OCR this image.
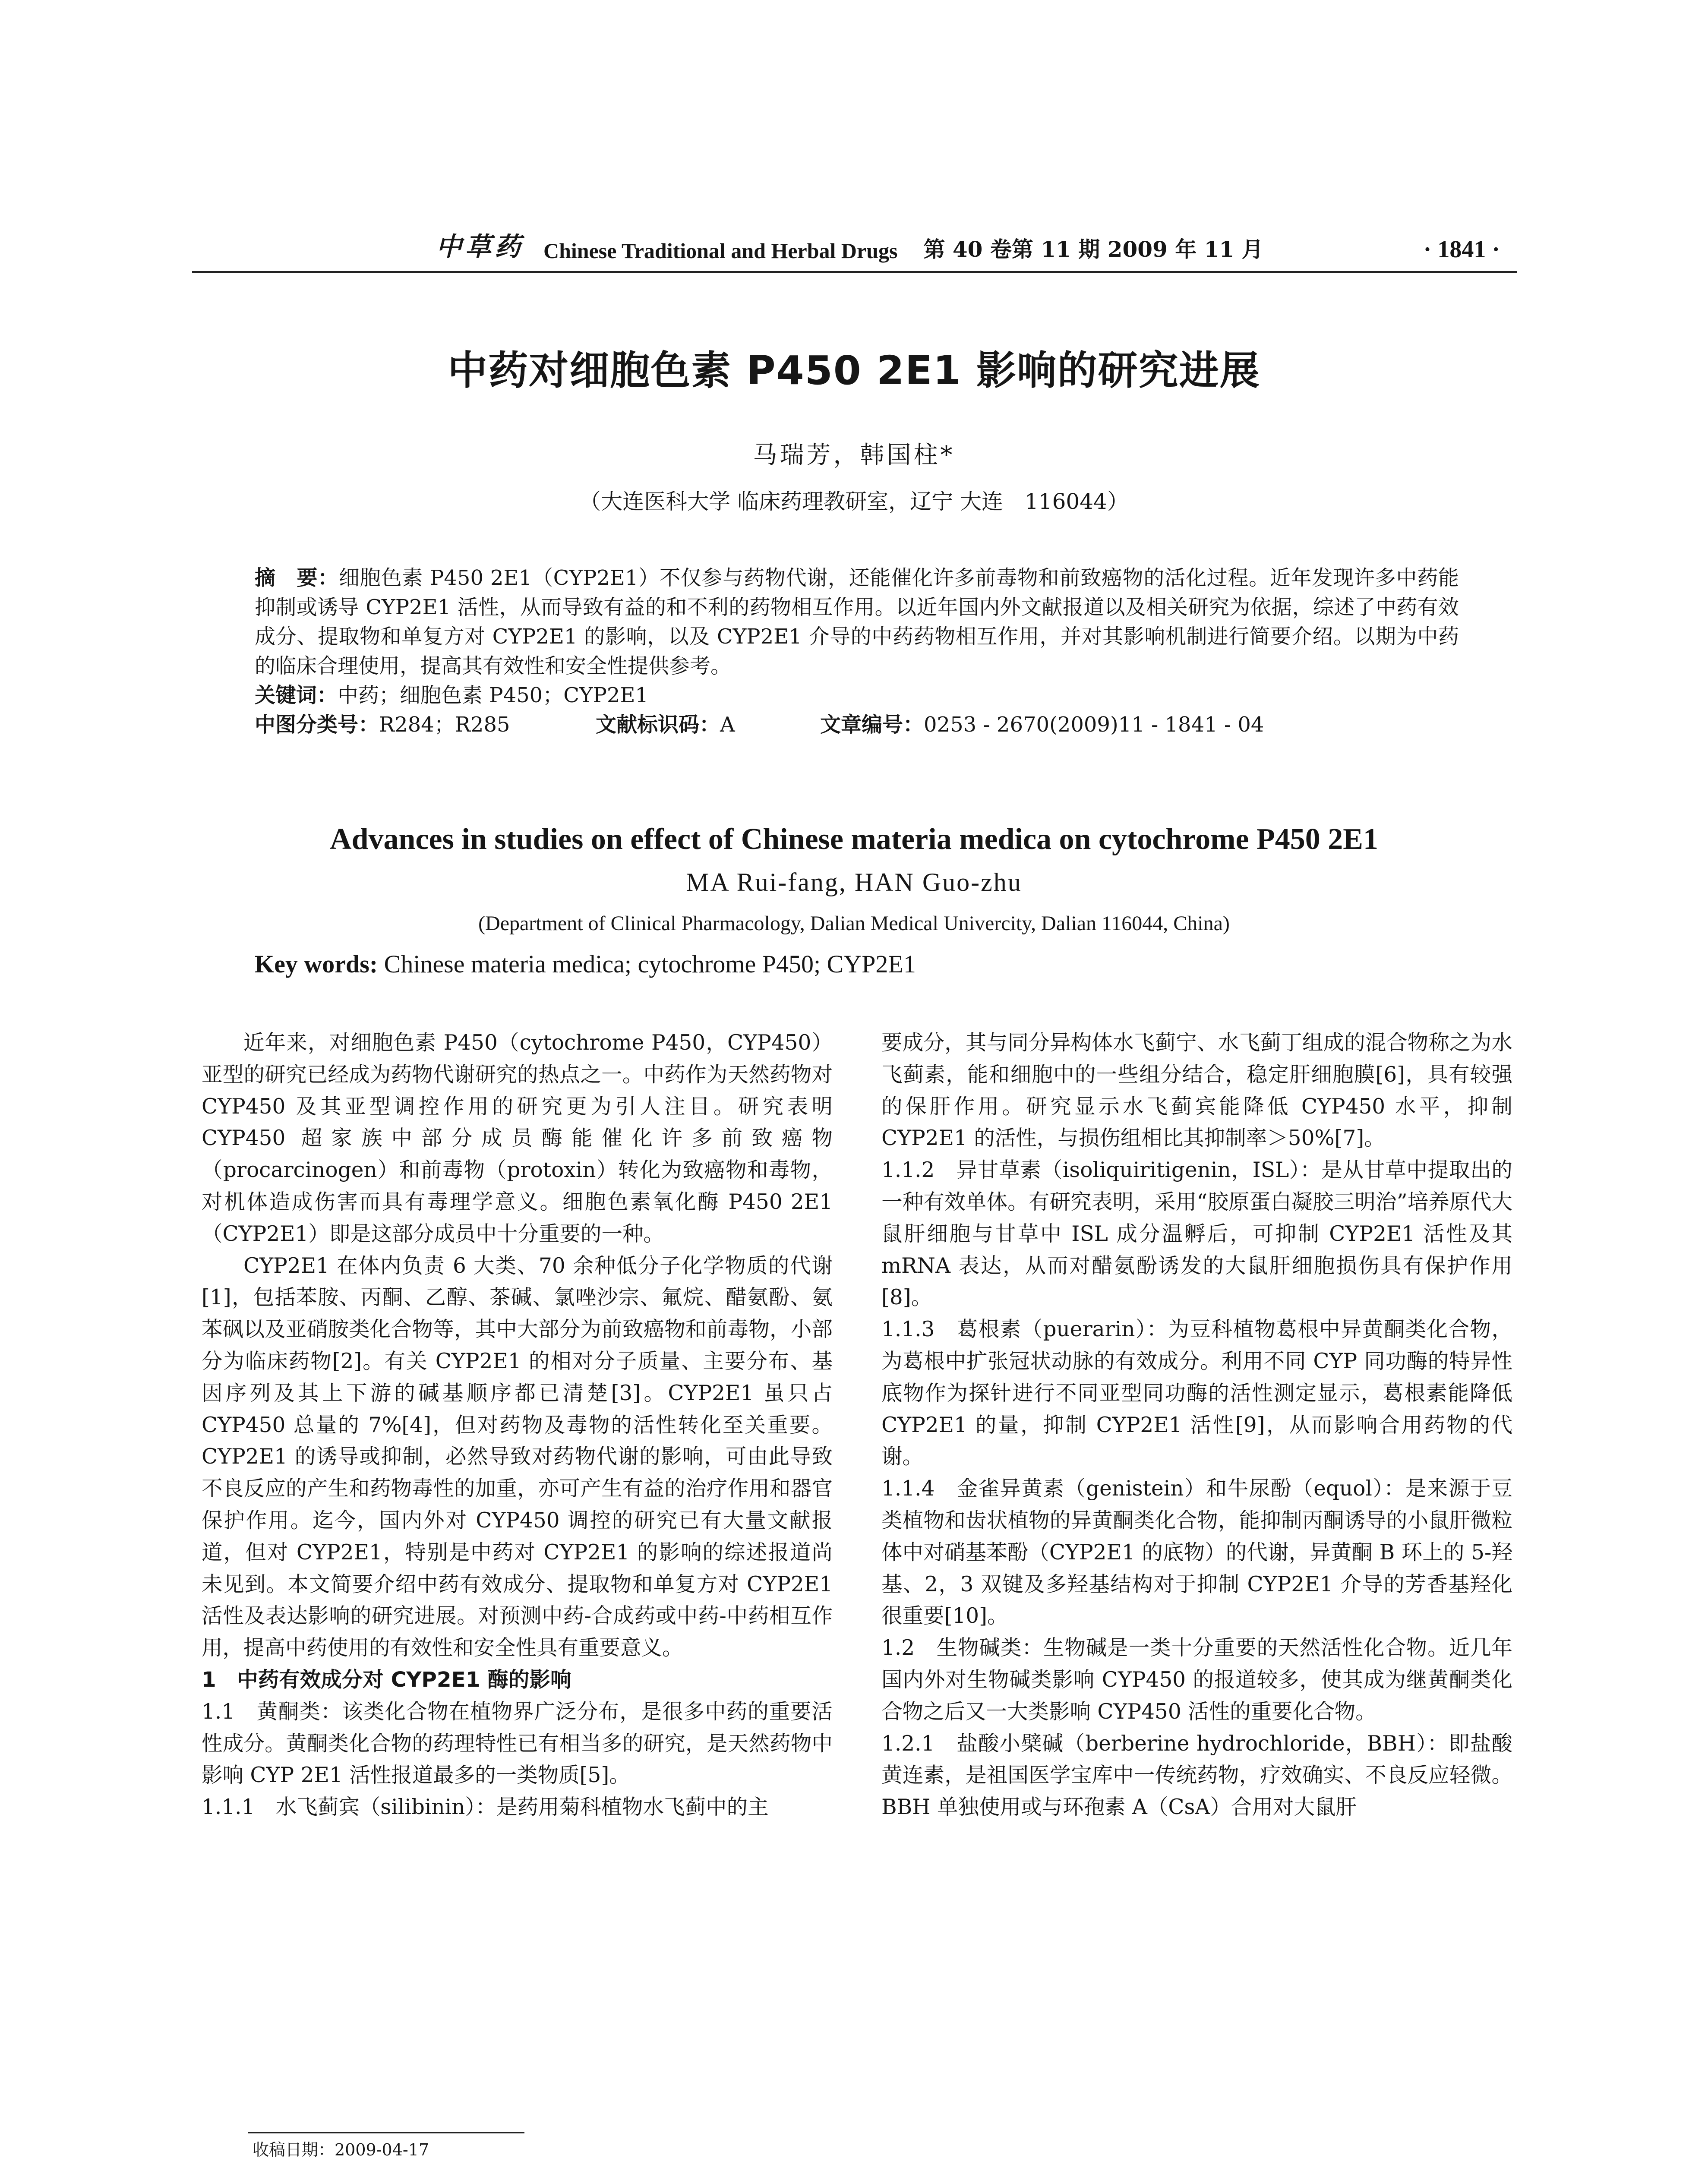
中草药 Chinese Traditional and Herbal Drugs 第 40 卷第 11 期 2009 年 11 月	· 1841 ·
中药对细胞色素 P450 2E1 影响的研究进展
马瑞芳，韩国柱*
（大连医科大学 临床药理教研室，辽宁 大连　116044）

摘　要：细胞色素 P450 2E1（CYP2E1）不仅参与药物代谢，还能催化许多前毒物和前致癌物的活化过程。近年发现许多中药能抑制或诱导 CYP2E1 活性，从而导致有益的和不利的药物相互作用。以近年国内外文献报道以及相关研究为依据，综述了中药有效成分、提取物和单复方对 CYP2E1 的影响，以及 CYP2E1 介导的中药药物相互作用，并对其影响机制进行简要介绍。以期为中药的临床合理使用，提高其有效性和安全性提供参考。

关键词：中药；细胞色素 P450；CYP2E1

中图分类号：R284；R285	文献标识码：A	文章编号：0253 - 2670(2009)11 - 1841 - 04

Advances in studies on effect of Chinese materia medica on cytochrome P450 2E1
MA Rui-fang, HAN Guo-zhu
(Department of Clinical Pharmacology, Dalian Medical Univercity, Dalian 116044, China)
Key words: Chinese materia medica; cytochrome P450; CYP2E1

近年来，对细胞色素 P450（cytochrome P450，CYP450）亚型的研究已经成为药物代谢研究的热点之一。中药作为天然药物对 CYP450 及其亚型调控作用的研究更为引人注目。研究表明 CYP450 超家族中部分成员酶能催化许多前致癌物（procarcinogen）和前毒物（protoxin）转化为致癌物和毒物，对机体造成伤害而具有毒理学意义。细胞色素氧化酶 P450 2E1（CYP2E1）即是这部分成员中十分重要的一种。

CYP2E1 在体内负责 6 大类、70 余种低分子化学物质的代谢[1]，包括苯胺、丙酮、乙醇、茶碱、氯唑沙宗、氟烷、醋氨酚、氨苯砜以及亚硝胺类化合物等，其中大部分为前致癌物和前毒物，小部分为临床药物[2]。有关 CYP2E1 的相对分子质量、主要分布、基因序列及其上下游的碱基顺序都已清楚[3]。CYP2E1 虽只占 CYP450 总量的 7%[4]，但对药物及毒物的活性转化至关重要。CYP2E1 的诱导或抑制，必然导致对药物代谢的影响，可由此导致不良反应的产生和药物毒性的加重，亦可产生有益的治疗作用和器官保护作用。迄今，国内外对 CYP450 调控的研究已有大量文献报道，但对 CYP2E1，特别是中药对 CYP2E1 的影响的综述报道尚未见到。本文简要介绍中药有效成分、提取物和单复方对 CYP2E1 活性及表达影响的研究进展。对预测中药-合成药或中药-中药相互作用，提高中药使用的有效性和安全性具有重要意义。

1　中药有效成分对 CYP2E1 酶的影响

1.1　黄酮类：该类化合物在植物界广泛分布，是很多中药的重要活性成分。黄酮类化合物的药理特性已有相当多的研究，是天然药物中影响 CYP 2E1 活性报道最多的一类物质[5]。

1.1.1　水飞蓟宾（silibinin）：是药用菊科植物水飞蓟中的主

要成分，其与同分异构体水飞蓟宁、水飞蓟丁组成的混合物称之为水飞蓟素，能和细胞中的一些组分结合，稳定肝细胞膜[6]，具有较强的保肝作用。研究显示水飞蓟宾能降低 CYP450 水平，抑制 CYP2E1 的活性，与损伤组相比其抑制率＞50%[7]。

1.1.2　异甘草素（isoliquiritigenin，ISL）：是从甘草中提取出的一种有效单体。有研究表明，采用“胶原蛋白凝胶三明治”培养原代大鼠肝细胞与甘草中 ISL 成分温孵后，可抑制 CYP2E1 活性及其 mRNA 表达，从而对醋氨酚诱发的大鼠肝细胞损伤具有保护作用[8]。

1.1.3　葛根素（puerarin）：为豆科植物葛根中异黄酮类化合物，为葛根中扩张冠状动脉的有效成分。利用不同 CYP 同功酶的特异性底物作为探针进行不同亚型同功酶的活性测定显示，葛根素能降低 CYP2E1 的量，抑制 CYP2E1 活性[9]，从而影响合用药物的代谢。

1.1.4　金雀异黄素（genistein）和牛尿酚（equol）：是来源于豆类植物和齿状植物的异黄酮类化合物，能抑制丙酮诱导的小鼠肝微粒体中对硝基苯酚（CYP2E1 的底物）的代谢，异黄酮 B 环上的 5-羟基、2，3 双键及多羟基结构对于抑制 CYP2E1 介导的芳香基羟化很重要[10]。

1.2　生物碱类：生物碱是一类十分重要的天然活性化合物。近几年国内外对生物碱类影响 CYP450 的报道较多，使其成为继黄酮类化合物之后又一大类影响 CYP450 活性的重要化合物。

1.2.1　盐酸小檗碱（berberine hydrochloride，BBH）：即盐酸黄连素，是祖国医学宝库中一传统药物，疗效确实、不良反应轻微。BBH 单独使用或与环孢素 A（CsA）合用对大鼠肝

收稿日期：2009-04-17
